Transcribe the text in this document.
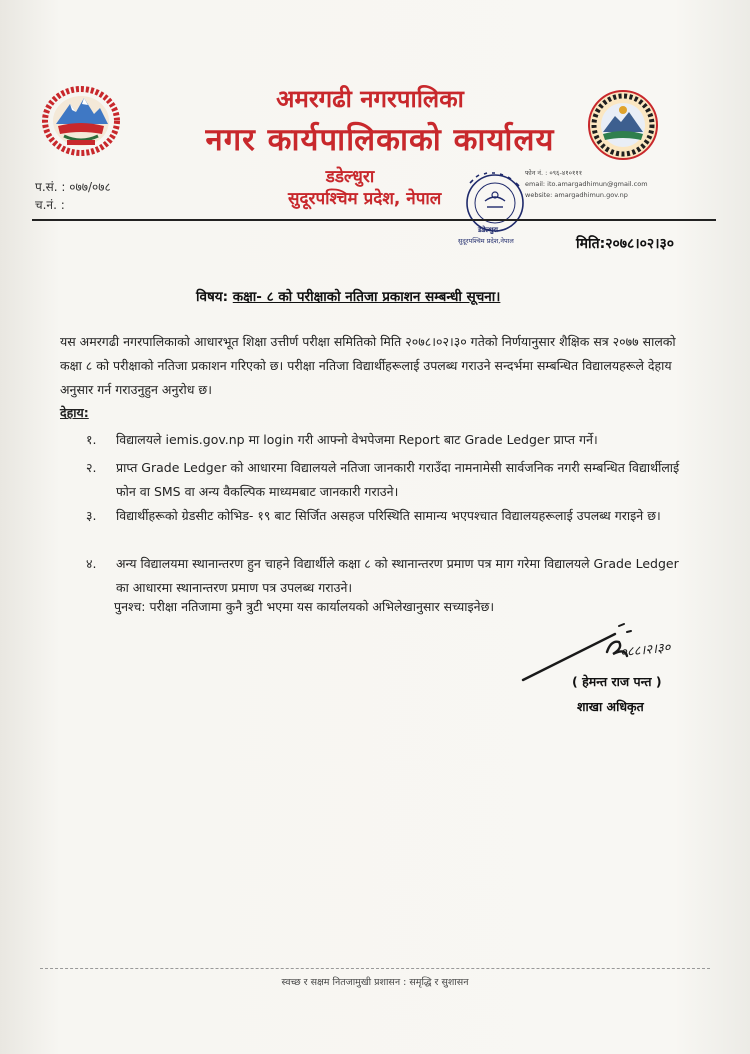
अमरगढी नगरपालिका
नगर कार्यपालिकाको कार्यालय
डडेल्धुरा
सुदूरपश्चिम प्रदेश, नेपाल
प.सं. : ०७७/०७८
च.नं. :
फोन नं. : ०९६-४१०१११
email: ito.amargadhimun@gmail.com
website: amargadhimun.gov.np
डडेल्धुरा
सुदूरपश्चिम प्रदेश,नेपाल	मिति:२०७८।०२।३०
विषय: कक्षा- ८ को परीक्षाको नतिजा प्रकाशन सम्बन्धी सूचना।
यस अमरगढी नगरपालिकाको आधारभूत शिक्षा उत्तीर्ण परीक्षा समितिको मिति २०७८।०२।३० गतेको निर्णयानुसार शैक्षिक सत्र २०७७ सालको कक्षा ८ को परीक्षाको नतिजा प्रकाशन गरिएको छ। परीक्षा नतिजा विद्यार्थीहरूलाई उपलब्ध गराउने सन्दर्भमा सम्बन्धित विद्यालयहरूले देहाय अनुसार गर्न गराउनुहुन अनुरोध छ।
देहाय:
१. विद्यालयले iemis.gov.np मा login गरी आफ्नो वेभपेजमा Report बाट Grade Ledger प्राप्त गर्ने।
२. प्राप्त Grade Ledger को आधारमा विद्यालयले नतिजा जानकारी गराउँदा नामनामेसी सार्वजनिक नगरी सम्बन्धित विद्यार्थीलाई फोन वा SMS वा अन्य वैकल्पिक माध्यमबाट जानकारी गराउने।
३. विद्यार्थीहरूको ग्रेडसीट कोभिड- १९ बाट सिर्जित असहज परिस्थिति सामान्य भएपश्चात विद्यालयहरूलाई उपलब्ध गराइने छ।
४. अन्य विद्यालयमा स्थानान्तरण हुन चाहने विद्यार्थीले कक्षा ८ को स्थानान्तरण प्रमाण पत्र माग गरेमा विद्यालयले Grade Ledger का आधारमा स्थानान्तरण प्रमाण पत्र उपलब्ध गराउने।
पुनश्च: परीक्षा नतिजामा कुनै त्रुटी भएमा यस कार्यालयको अभिलेखानुसार सच्याइनेछ।
०८८।२।३०
( हेमन्त राज पन्त )
शाखा अधिकृत
स्वच्छ र सक्षम नितजामुखी प्रशासन : समृद्धि र सुशासन
